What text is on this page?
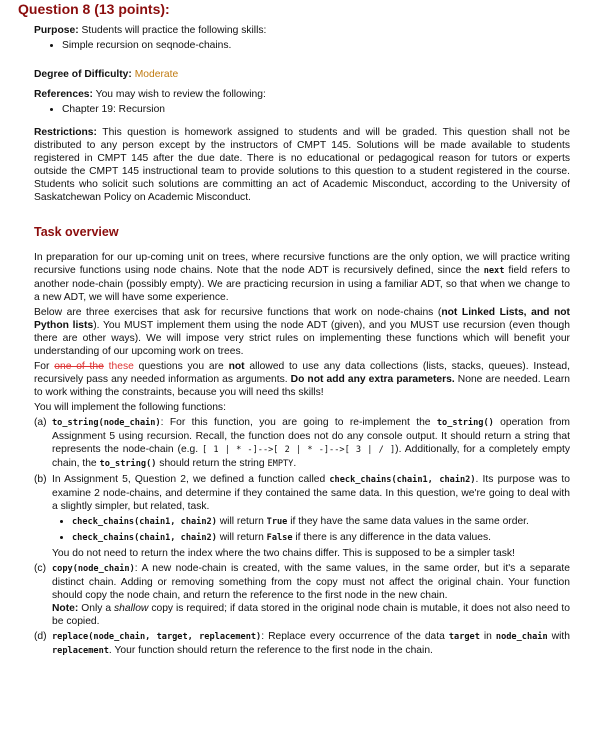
Question 8 (13 points):
Purpose: Students will practice the following skills:
• Simple recursion on seqnode-chains.
Degree of Difficulty: Moderate
References: You may wish to review the following:
• Chapter 19: Recursion
Restrictions: This question is homework assigned to students and will be graded. This question shall not be distributed to any person except by the instructors of CMPT 145. Solutions will be made available to students registered in CMPT 145 after the due date. There is no educational or pedagogical reason for tutors or experts outside the CMPT 145 instructional team to provide solutions to this question to a student registered in the course. Students who solicit such solutions are committing an act of Academic Misconduct, according to the University of Saskatchewan Policy on Academic Misconduct.
Task overview

In preparation for our up-coming unit on trees, where recursive functions are the only option, we will practice writing recursive functions using node chains. Note that the node ADT is recursively defined, since the next field refers to another node-chain (possibly empty). We are practicing recursion in using a familiar ADT, so that when we change to a new ADT, we will have some experience.

Below are three exercises that ask for recursive functions that work on node-chains (not Linked Lists, and not Python lists). You MUST implement them using the node ADT (given), and you MUST use recursion (even though there are other ways). We will impose very strict rules on implementing these functions which will benefit your understanding of our upcoming work on trees.

For one of the these questions you are not allowed to use any data collections (lists, stacks, queues). Instead, recursively pass any needed information as arguments. Do not add any extra parameters. None are needed. Learn to work withing the constraints, because you will need ths skills!

You will implement the following functions:

(a) to_string(node_chain): For this function, you are going to re-implement the to_string() operation from Assignment 5 using recursion. Recall, the function does not do any console output. It should return a string that represents the node-chain (e.g. [ 1 | * -]-->[ 2 | * -]-->[ 3 | / ]). Additionally, for a completely empty chain, the to_string() should return the string EMPTY.
(b) In Assignment 5, Question 2, we defined a function called check_chains(chain1, chain2). Its purpose was to examine 2 node-chains, and determine if they contained the same data. In this question, we're going to deal with a slightly simpler, but related, task.
• check_chains(chain1, chain2) will return True if they have the same data values in the same order.
• check_chains(chain1, chain2) will return False if there is any difference in the data values.
You do not need to return the index where the two chains differ. This is supposed to be a simpler task!
(c) copy(node_chain): A new node-chain is created, with the same values, in the same order, but it's a separate distinct chain. Adding or removing something from the copy must not affect the original chain. Your function should copy the node chain, and return the reference to the first node in the new chain.
Note: Only a shallow copy is required; if data stored in the original node chain is mutable, it does not also need to be copied.
(d) replace(node_chain, target, replacement): Replace every occurrence of the data target in node_chain with replacement. Your function should return the reference to the first node in the chain.
